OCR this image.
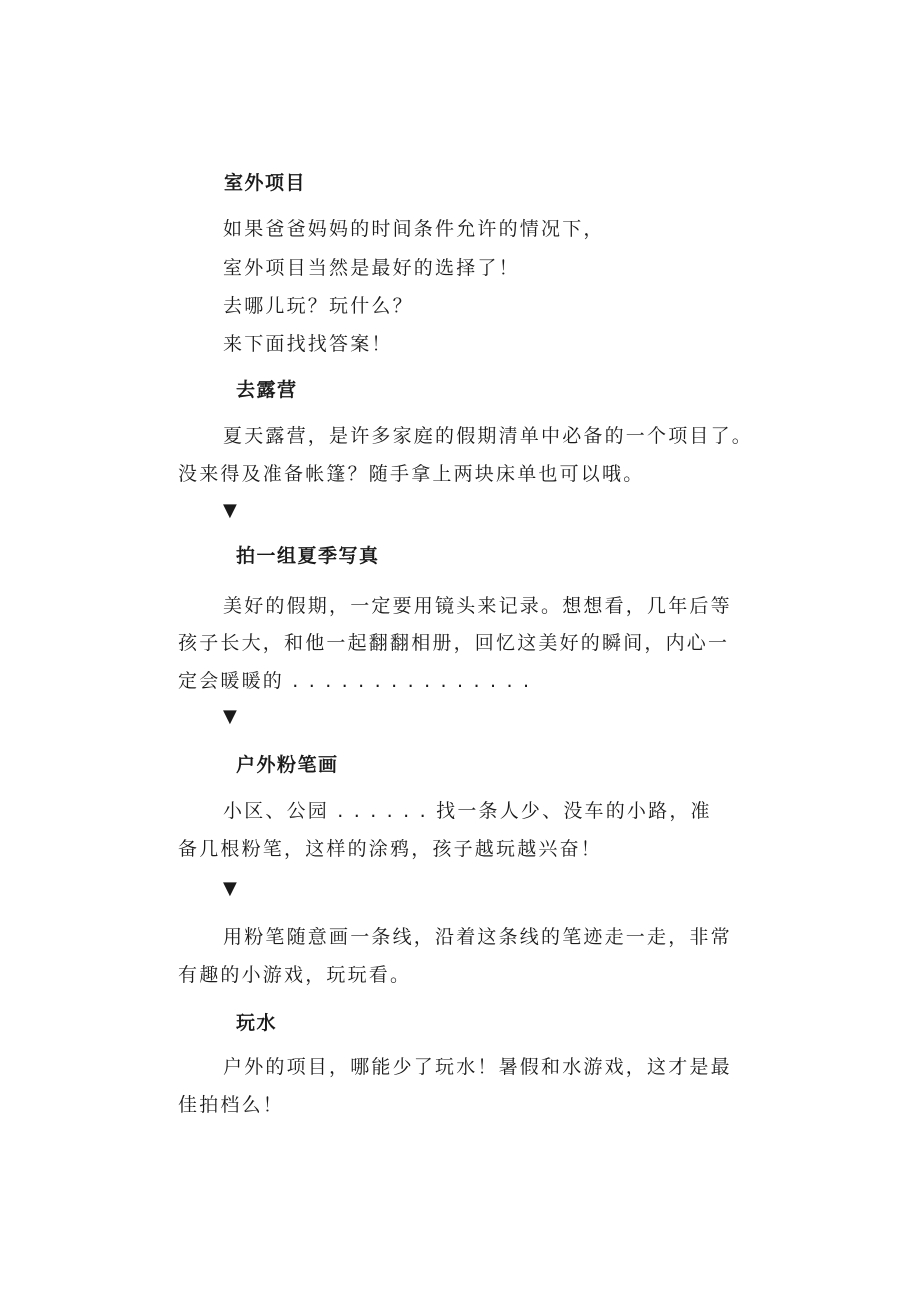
室外项目
如果爸爸妈妈的时间条件允许的情况下，
室外项目当然是最好的选择了！
去哪儿玩？玩什么？
来下面找找答案！
去露营
夏天露营，是许多家庭的假期清单中必备的一个项目了。
没来得及准备帐篷？随手拿上两块床单也可以哦。
▼
拍一组夏季写真
美好的假期，一定要用镜头来记录。想想看，几年后等
孩子长大，和他一起翻翻相册，回忆这美好的瞬间，内心一
定会暖暖的 . . . . . . . . . . . . . . .
▼
户外粉笔画
小区、公园 . . . . . . 找一条人少、没车的小路，准
备几根粉笔，这样的涂鸦，孩子越玩越兴奋！
▼
用粉笔随意画一条线，沿着这条线的笔迹走一走，非常
有趣的小游戏，玩玩看。
玩水
户外的项目，哪能少了玩水！暑假和水游戏，这才是最
佳拍档么！
